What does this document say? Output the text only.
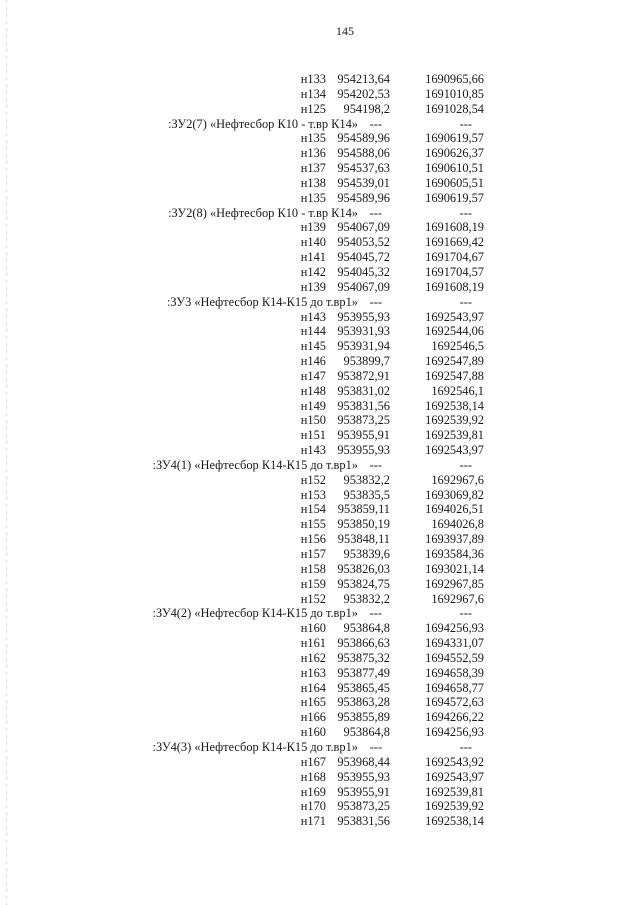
145
н133 954213,64	1690965,66
н134 954202,53	1691010,85
н125 954198,2	1691028,54
:ЗУ2(7) «Нефтесбор К10 - т.вр К14» ---	---
н135 954589,96	1690619,57
н136 954588,06	1690626,37
н137 954537,63	1690610,51
н138 954539,01	1690605,51
н135 954589,96	1690619,57
:ЗУ2(8) «Нефтесбор К10 - т.вр К14» ---	---
н139 954067,09	1691608,19
н140 954053,52	1691669,42
н141 954045,72	1691704,67
н142 954045,32	1691704,57
н139 954067,09	1691608,19
:ЗУ3 «Нефтесбор К14-К15 до т.вр1» ---	---
н143 953955,93	1692543,97
н144 953931,93	1692544,06
н145 953931,94	1692546,5
н146 953899,7	1692547,89
н147 953872,91	1692547,88
н148 953831,02	1692546,1
н149 953831,56	1692538,14
н150 953873,25	1692539,92
н151 953955,91	1692539,81
н143 953955,93	1692543,97
:ЗУ4(1) «Нефтесбор К14-К15 до т.вр1» ---	---
н152 953832,2	1692967,6
н153 953835,5	1693069,82
н154 953859,11	1694026,51
н155 953850,19	1694026,8
н156 953848,11	1693937,89
н157 953839,6	1693584,36
н158 953826,03	1693021,14
н159 953824,75	1692967,85
н152 953832,2	1692967,6
:ЗУ4(2) «Нефтесбор К14-К15 до т.вр1» ---	---
н160 953864,8	1694256,93
н161 953866,63	1694331,07
н162 953875,32	1694552,59
н163 953877,49	1694658,39
н164 953865,45	1694658,77
н165 953863,28	1694572,63
н166 953855,89	1694266,22
н160 953864,8	1694256,93
:ЗУ4(3) «Нефтесбор К14-К15 до т.вр1» ---	---
н167 953968,44	1692543,92
н168 953955,93	1692543,97
н169 953955,91	1692539,81
н170 953873,25	1692539,92
н171 953831,56	1692538,14
